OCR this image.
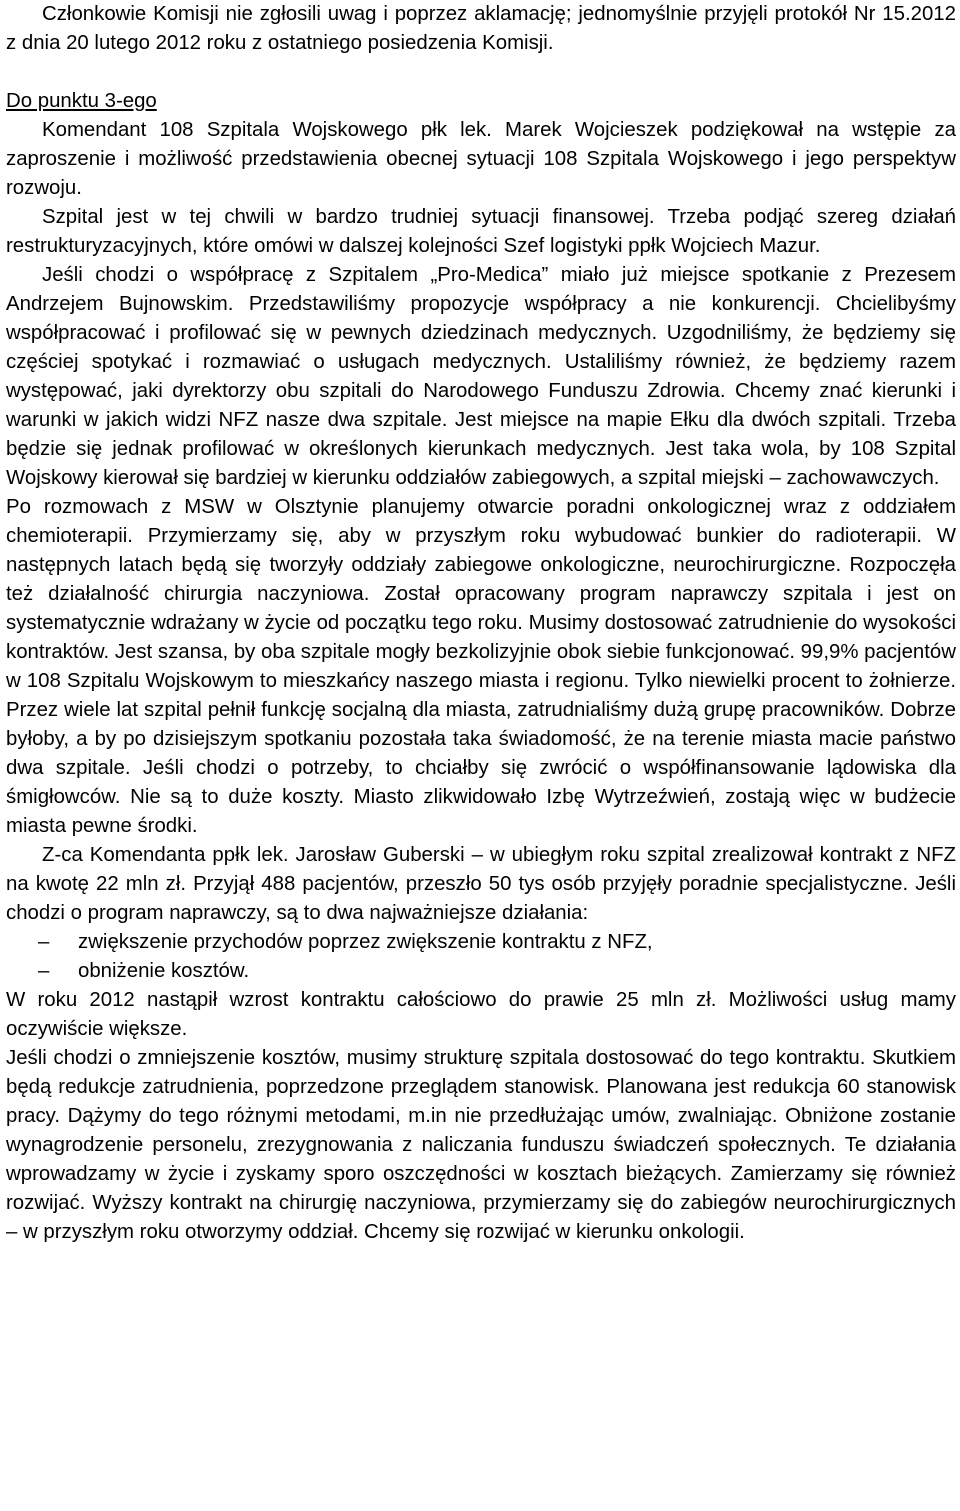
Członkowie Komisji nie zgłosili uwag i poprzez aklamację; jednomyślnie przyjęli protokół Nr 15.2012 z dnia 20 lutego 2012 roku z ostatniego posiedzenia Komisji.

Do punktu 3-ego

Komendant 108 Szpitala Wojskowego płk lek. Marek Wojcieszek podziękował na wstępie za zaproszenie i możliwość przedstawienia obecnej sytuacji 108 Szpitala Wojskowego i jego perspektyw rozwoju.

Szpital jest w tej chwili w bardzo trudniej sytuacji finansowej. Trzeba podjąć szereg działań restrukturyzacyjnych, które omówi w dalszej kolejności Szef logistyki ppłk Wojciech Mazur.

Jeśli chodzi o współpracę z Szpitalem „Pro-Medica” miało już miejsce spotkanie z Prezesem Andrzejem Bujnowskim. Przedstawiliśmy propozycje współpracy a nie konkurencji. Chcielibyśmy współpracować i profilować się w pewnych dziedzinach medycznych. Uzgodniliśmy, że będziemy się częściej spotykać i rozmawiać o usługach medycznych. Ustaliliśmy również, że będziemy razem występować, jaki dyrektorzy obu szpitali do Narodowego Funduszu Zdrowia. Chcemy znać kierunki i warunki w jakich widzi NFZ nasze dwa szpitale. Jest miejsce na mapie Ełku dla dwóch szpitali. Trzeba będzie się jednak profilować w określonych kierunkach medycznych. Jest taka wola, by 108 Szpital Wojskowy kierował się bardziej w kierunku oddziałów zabiegowych, a szpital miejski – zachowawczych.

Po rozmowach z MSW w Olsztynie planujemy otwarcie poradni onkologicznej wraz z oddziałem chemioterapii. Przymierzamy się, aby w przyszłym roku wybudować bunkier do radioterapii. W następnych latach będą się tworzyły oddziały zabiegowe onkologiczne, neurochirurgiczne. Rozpoczęła też działalność chirurgia naczyniowa. Został opracowany program naprawczy szpitala i jest on systematycznie wdrażany w życie od początku tego roku. Musimy dostosować zatrudnienie do wysokości kontraktów. Jest szansa, by oba szpitale mogły bezkolizyjnie obok siebie funkcjonować. 99,9% pacjentów w 108 Szpitalu Wojskowym to mieszkańcy naszego miasta i regionu. Tylko niewielki procent to żołnierze. Przez wiele lat szpital pełnił funkcję socjalną dla miasta, zatrudnialiśmy dużą grupę pracowników. Dobrze byłoby, a by po dzisiejszym spotkaniu pozostała taka świadomość, że na terenie miasta macie państwo dwa szpitale. Jeśli chodzi o potrzeby, to chciałby się zwrócić o współfinansowanie lądowiska dla śmigłowców. Nie są to duże koszty. Miasto zlikwidowało Izbę Wytrzeźwień, zostają więc w budżecie miasta pewne środki.

Z-ca Komendanta ppłk lek. Jarosław Guberski – w ubiegłym roku szpital zrealizował kontrakt z NFZ na kwotę 22 mln zł. Przyjął 488 pacjentów, przeszło 50 tys osób przyjęły poradnie specjalistyczne. Jeśli chodzi o program naprawczy, są to dwa najważniejsze działania:

– zwiększenie przychodów poprzez zwiększenie kontraktu z NFZ,
– obniżenie kosztów.

W roku 2012 nastąpił wzrost kontraktu całościowo do prawie 25 mln zł. Możliwości usług mamy oczywiście większe.

Jeśli chodzi o zmniejszenie kosztów, musimy strukturę szpitala dostosować do tego kontraktu. Skutkiem będą redukcje zatrudnienia, poprzedzone przeglądem stanowisk. Planowana jest redukcja 60 stanowisk pracy. Dążymy do tego różnymi metodami, m.in nie przedłużając umów, zwalniając. Obniżone zostanie wynagrodzenie personelu, zrezygnowania z naliczania funduszu świadczeń społecznych. Te działania wprowadzamy w życie i zyskamy sporo oszczędności w kosztach bieżących. Zamierzamy się również rozwijać. Wyższy kontrakt na chirurgię naczyniowa, przymierzamy się do zabiegów neurochirurgicznych – w przyszłym roku otworzymy oddział. Chcemy się rozwijać w kierunku onkologii.
